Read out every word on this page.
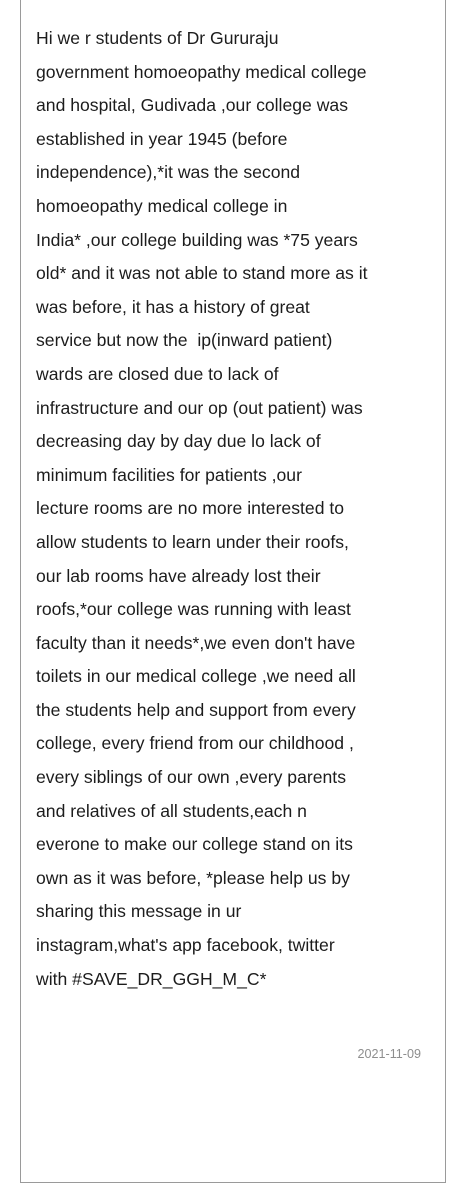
Hi we r students of Dr Gururaju
government homoeopathy medical college
and hospital, Gudivada ,our college was
established in year 1945 (before
independence),*it was the second
homoeopathy medical college in
India* ,our college building was *75 years
old* and it was not able to stand more as it
was before, it has a history of great
service but now the  ip(inward patient)
wards are closed due to lack of
infrastructure and our op (out patient) was
decreasing day by day due lo lack of
minimum facilities for patients ,our
lecture rooms are no more interested to
allow students to learn under their roofs,
our lab rooms have already lost their
roofs,*our college was running with least
faculty than it needs*,we even don't have
toilets in our medical college ,we need all
the students help and support from every
college, every friend from our childhood ,
every siblings of our own ,every parents
and relatives of all students,each n
everone to make our college stand on its
own as it was before, *please help us by
sharing this message in ur
instagram,what's app facebook, twitter
with #SAVE_DR_GGH_M_C*
2021-11-09
